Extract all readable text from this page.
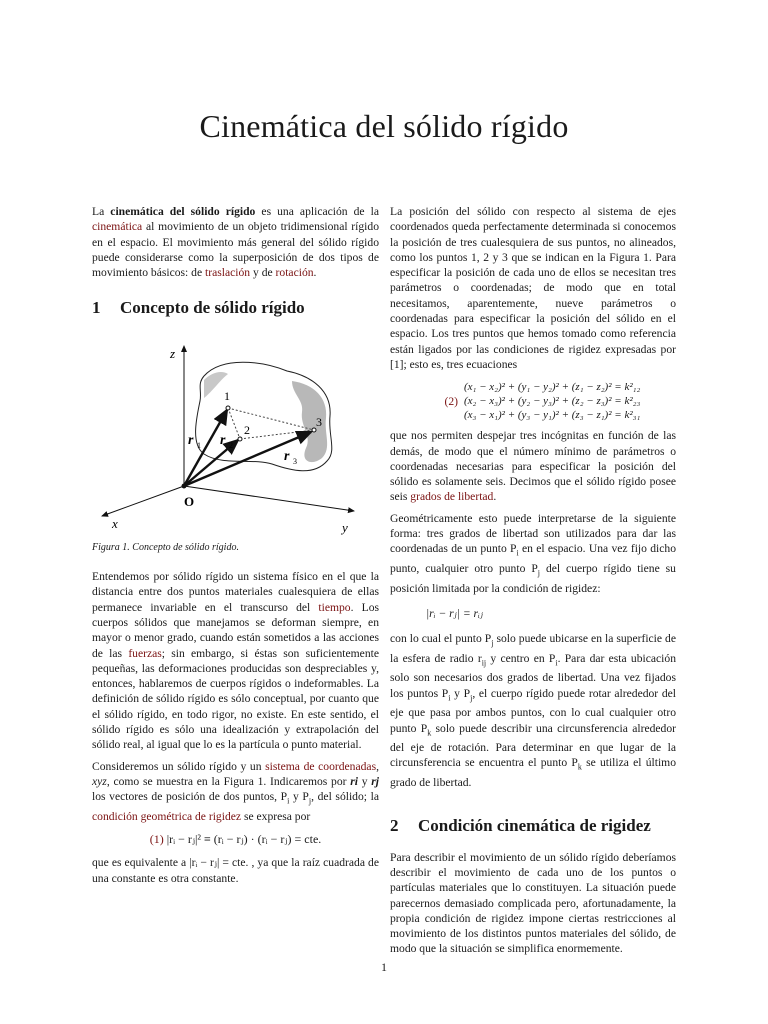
Cinemática del sólido rígido

La cinemática del sólido rígido es una aplicación de la cinemática al movimiento de un objeto tridimensional rígido en el espacio. El movimiento más general del sólido rígido puede considerarse como la superposición de dos tipos de movimiento básicos: de traslación y de rotación.

1 Concepto de sólido rígido
z
x	y
O
r 1 r 2
r 3
1
2
3
Figura 1. Concepto de sólido rígido.

Entendemos por sólido rígido un sistema físico en el que la distancia entre dos puntos materiales cualesquiera de ellas permanece invariable en el transcurso del tiempo. Los cuerpos sólidos que manejamos se deforman siempre, en mayor o menor grado, cuando están sometidos a las acciones de las fuerzas; sin embargo, si éstas son suficientemente pequeñas, las deformaciones producidas son despreciables y, entonces, hablaremos de cuerpos rígidos o indeformables. La definición de sólido rígido es sólo conceptual, por cuanto que el sólido rígido, en todo rigor, no existe. En este sentido, el sólido rígido es sólo una idealización y extrapolación del sólido real, al igual que lo es la partícula o punto material.

Consideremos un sólido rígido y un sistema de coordenadas, xyz, como se muestra en la Figura 1. Indicaremos por ri y rj los vectores de posición de dos puntos, $P_i$ y $P_j$, del sólido; la condición geométrica de rigidez se expresa por

(1) |rᵢ − rⱼ|² ≡ (rᵢ − rⱼ) · (rᵢ − rⱼ) = cte.

que es equivalente a |rᵢ − rⱼ| = cte. , ya que la raíz cuadrada de una constante es otra constante.

La posición del sólido con respecto al sistema de ejes coordenados queda perfectamente determinada si conocemos la posición de tres cualesquiera de sus puntos, no alineados, como los puntos 1, 2 y 3 que se indican en la Figura 1. Para especificar la posición de cada uno de ellos se necesitan tres parámetros o coordenadas; de modo que en total necesitamos, aparentemente, nueve parámetros o coordenadas para especificar la posición del sólido en el espacio. Los tres puntos que hemos tomado como referencia están ligados por las condiciones de rigidez expresadas por [1]; esto es, tres ecuaciones

(2)
(x₁ − x₂)² + (y₁ − y₂)² + (z₁ − z₂)² = k²₁₂
(x₂ − x₃)² + (y₂ − y₃)² + (z₂ − z₃)² = k²₂₃
(x₃ − x₁)² + (y₃ − y₁)² + (z₃ − z₁)² = k²₃₁

que nos permiten despejar tres incógnitas en función de las demás, de modo que el número mínimo de parámetros o coordenadas necesarias para especificar la posición del sólido es solamente seis. Decimos que el sólido rígido posee seis grados de libertad.

Geométricamente esto puede interpretarse de la siguiente forma: tres grados de libertad son utilizados para dar las coordenadas de un punto $P_i$ en el espacio. Una vez fijo dicho punto, cualquier otro punto $P_j$ del cuerpo rígido tiene su posición limitada por la condición de rigidez:

|rᵢ − rⱼ| = rᵢⱼ

con lo cual el punto $P_j$ solo puede ubicarse en la superficie de la esfera de radio $r_{ij}$ y centro en $P_i$. Para dar esta ubicación solo son necesarios dos grados de libertad. Una vez fijados los puntos $P_i$ y $P_j$, el cuerpo rígido puede rotar alrededor del eje que pasa por ambos puntos, con lo cual cualquier otro punto $P_k$ solo puede describir una circunsferencia alrededor del eje de rotación. Para determinar en que lugar de la circunsferencia se encuentra el punto $P_k$ se utiliza el último grado de libertad.

2 Condición cinemática de rigidez

Para describir el movimiento de un sólido rígido deberíamos describir el movimiento de cada uno de los puntos o partículas materiales que lo constituyen. La situación puede parecernos demasiado complicada pero, afortunadamente, la propia condición de rigidez impone ciertas restricciones al movimiento de los distintos puntos materiales del sólido, de modo que la situación se simplifica enormemente.

1
